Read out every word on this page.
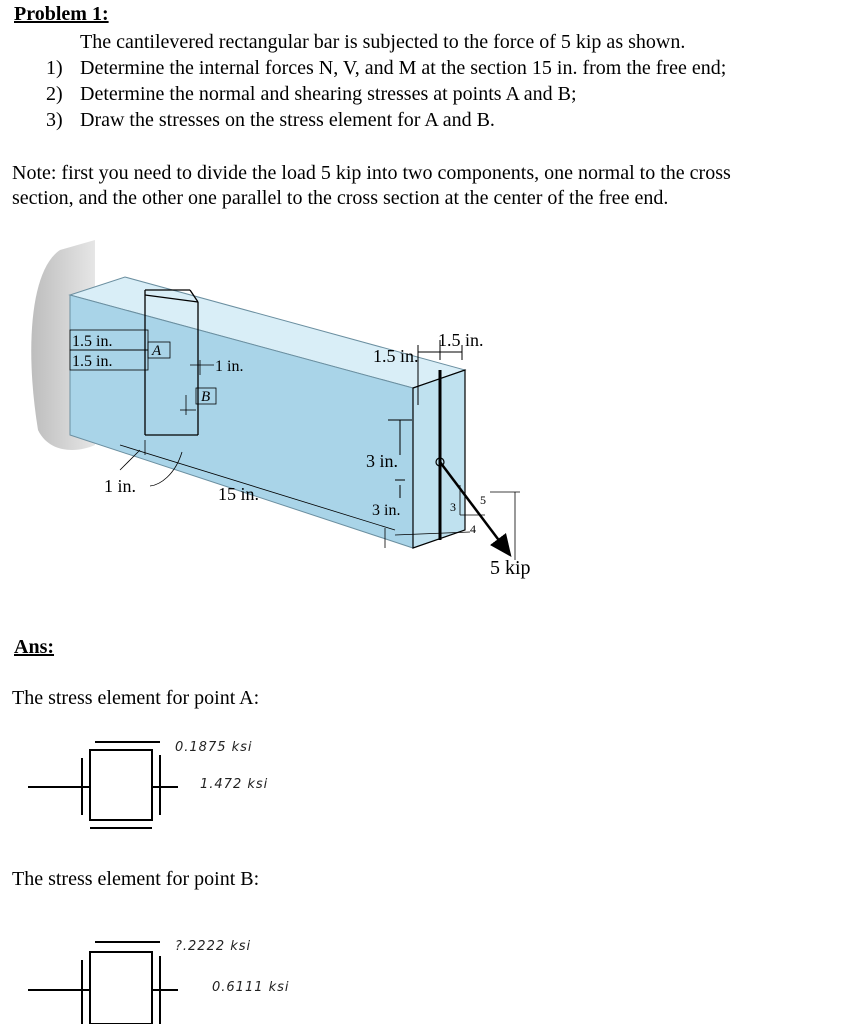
Problem 1:
The cantilevered rectangular bar is subjected to the force of 5 kip as shown.
1) Determine the internal forces N, V, and M at the section 15 in. from the free end;
2) Determine the normal and shearing stresses at points A and B;
3) Draw the stresses on the stress element for A and B.
Note: first you need to divide the load 5 kip into two components, one normal to the cross
section, and the other one parallel to the cross section at the center of the free end.
1.5 in.
1.5 in.
A
1 in.
B
1 in.	15 in.
1.5 in.
1.5 in.
3 in.
3 in.	3
4
5
5 kip
Ans:
The stress element for point A:
0.1875 ksi
1.472 ksi
The stress element for point B:
?.2222 ksi
0.6111 ksi
